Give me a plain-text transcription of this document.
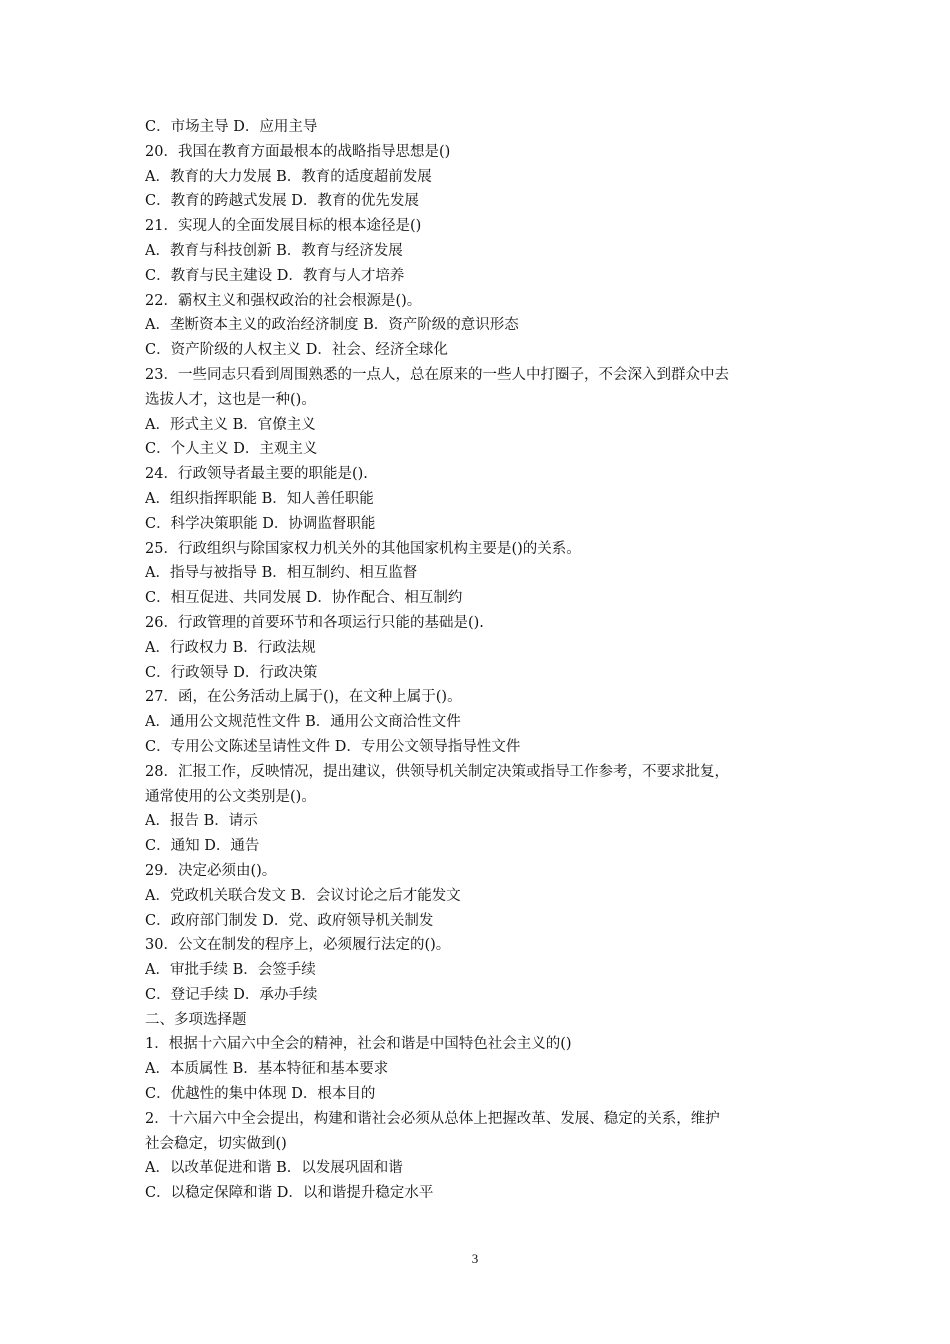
C．市场主导 D．应用主导
20．我国在教育方面最根本的战略指导思想是()
A．教育的大力发展 B．教育的适度超前发展
C．教育的跨越式发展 D．教育的优先发展
21．实现人的全面发展目标的根本途径是()
A．教育与科技创新 B．教育与经济发展
C．教育与民主建设 D．教育与人才培养
22．霸权主义和强权政治的社会根源是()。
A．垄断资本主义的政治经济制度 B．资产阶级的意识形态
C．资产阶级的人权主义 D．社会、经济全球化
23．一些同志只看到周围熟悉的一点人，总在原来的一些人中打圈子，不会深入到群众中去
选拔人才，这也是一种()。
A．形式主义 B．官僚主义
C．个人主义 D．主观主义
24．行政领导者最主要的职能是().
A．组织指挥职能 B．知人善任职能
C．科学决策职能 D．协调监督职能
25．行政组织与除国家权力机关外的其他国家机构主要是()的关系。
A．指导与被指导 B．相互制约、相互监督
C．相互促进、共同发展 D．协作配合、相互制约
26．行政管理的首要环节和各项运行只能的基础是().
A．行政权力 B．行政法规
C．行政领导 D．行政决策
27．函，在公务活动上属于()，在文种上属于()。
A．通用公文规范性文件 B．通用公文商洽性文件
C．专用公文陈述呈请性文件 D．专用公文领导指导性文件
28．汇报工作，反映情况，提出建议，供领导机关制定决策或指导工作参考，不要求批复，
通常使用的公文类别是()。
A．报告 B．请示
C．通知 D．通告
29．决定必须由()。
A．党政机关联合发文 B．会议讨论之后才能发文
C．政府部门制发 D．党、政府领导机关制发
30．公文在制发的程序上，必须履行法定的()。
A．审批手续 B．会签手续
C．登记手续 D．承办手续
二、多项选择题
1．根据十六届六中全会的精神，社会和谐是中国特色社会主义的()
A．本质属性 B．基本特征和基本要求
C．优越性的集中体现 D．根本目的
2．十六届六中全会提出，构建和谐社会必须从总体上把握改革、发展、稳定的关系，维护
社会稳定，切实做到()
A．以改革促进和谐 B．以发展巩固和谐
C．以稳定保障和谐 D．以和谐提升稳定水平
3
